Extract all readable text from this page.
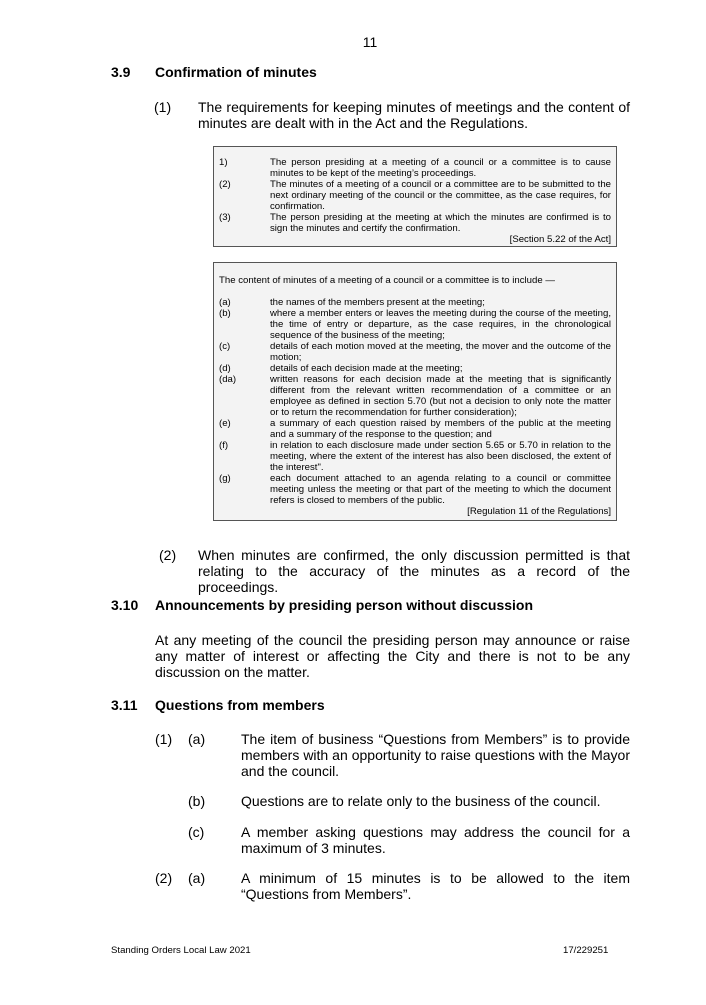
11
3.9 Confirmation of minutes
(1) The requirements for keeping minutes of meetings and the content of minutes are dealt with in the Act and the Regulations.
1)	The person presiding at a meeting of a council or a committee is to cause minutes to be kept of the meeting’s proceedings.
(2)	The minutes of a meeting of a council or a committee are to be submitted to the next ordinary meeting of the council or the committee, as the case requires, for confirmation.
(3)	The person presiding at the meeting at which the minutes are confirmed is to sign the minutes and certify the confirmation.
[Section 5.22 of the Act]
The content of minutes of a meeting of a council or a committee is to include —
(a)	the names of the members present at the meeting;
(b)	where a member enters or leaves the meeting during the course of the meeting, the time of entry or departure, as the case requires, in the chronological sequence of the business of the meeting;
(c)	details of each motion moved at the meeting, the mover and the outcome of the motion;
(d)	details of each decision made at the meeting;
(da)	written reasons for each decision made at the meeting that is significantly different from the relevant written recommendation of a committee or an employee as defined in section 5.70 (but not a decision to only note the matter or to return the recommendation for further consideration);
(e)	a summary of each question raised by members of the public at the meeting and a summary of the response to the question; and
(f)	in relation to each disclosure made under section 5.65 or 5.70 in relation to the meeting, where the extent of the interest has also been disclosed, the extent of the interest".
(g)	each document attached to an agenda relating to a council or committee meeting unless the meeting or that part of the meeting to which the document refers is closed to members of the public.
[Regulation 11 of the Regulations]
(2) When minutes are confirmed, the only discussion permitted is that relating to the accuracy of the minutes as a record of the proceedings.
3.10 Announcements by presiding person without discussion
At any meeting of the council the presiding person may announce or raise any matter of interest or affecting the City and there is not to be any discussion on the matter.
3.11 Questions from members
(1) (a)	The item of business “Questions from Members” is to provide members with an opportunity to raise questions with the Mayor and the council.
(b)	Questions are to relate only to the business of the council.
(c)	A member asking questions may address the council for a maximum of 3 minutes.
(2) (a)	A minimum of 15 minutes is to be allowed to the item “Questions from Members”.
Standing Orders Local Law 2021	17/229251
